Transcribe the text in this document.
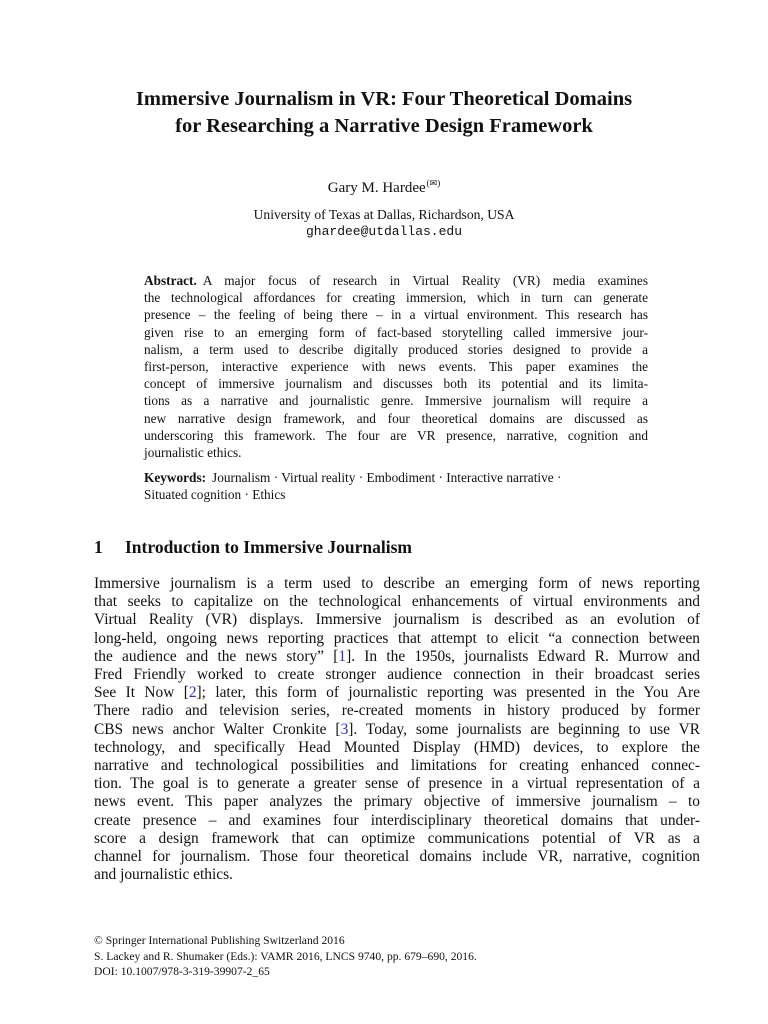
Immersive Journalism in VR: Four Theoretical Domains
for Researching a Narrative Design Framework
Gary M. Hardee(✉)
University of Texas at Dallas, Richardson, USA
ghardee@utdallas.edu
Abstract. A major focus of research in Virtual Reality (VR) media examines
the technological affordances for creating immersion, which in turn can generate
presence – the feeling of being there – in a virtual environment. This research has
given rise to an emerging form of fact-based storytelling called immersive jour-
nalism, a term used to describe digitally produced stories designed to provide a
first-person, interactive experience with news events. This paper examines the
concept of immersive journalism and discusses both its potential and its limita-
tions as a narrative and journalistic genre. Immersive journalism will require a
new narrative design framework, and four theoretical domains are discussed as
underscoring this framework. The four are VR presence, narrative, cognition and
journalistic ethics.
Keywords: Journalism · Virtual reality · Embodiment · Interactive narrative ·
Situated cognition · Ethics
1 Introduction to Immersive Journalism
Immersive journalism is a term used to describe an emerging form of news reporting
that seeks to capitalize on the technological enhancements of virtual environments and
Virtual Reality (VR) displays. Immersive journalism is described as an evolution of
long-held, ongoing news reporting practices that attempt to elicit “a connection between
the audience and the news story” [1]. In the 1950s, journalists Edward R. Murrow and
Fred Friendly worked to create stronger audience connection in their broadcast series
See It Now [2]; later, this form of journalistic reporting was presented in the You Are
There radio and television series, re-created moments in history produced by former
CBS news anchor Walter Cronkite [3]. Today, some journalists are beginning to use VR
technology, and specifically Head Mounted Display (HMD) devices, to explore the
narrative and technological possibilities and limitations for creating enhanced connec-
tion. The goal is to generate a greater sense of presence in a virtual representation of a
news event. This paper analyzes the primary objective of immersive journalism – to
create presence – and examines four interdisciplinary theoretical domains that under-
score a design framework that can optimize communications potential of VR as a
channel for journalism. Those four theoretical domains include VR, narrative, cognition
and journalistic ethics.
© Springer International Publishing Switzerland 2016
S. Lackey and R. Shumaker (Eds.): VAMR 2016, LNCS 9740, pp. 679–690, 2016.
DOI: 10.1007/978-3-319-39907-2_65
